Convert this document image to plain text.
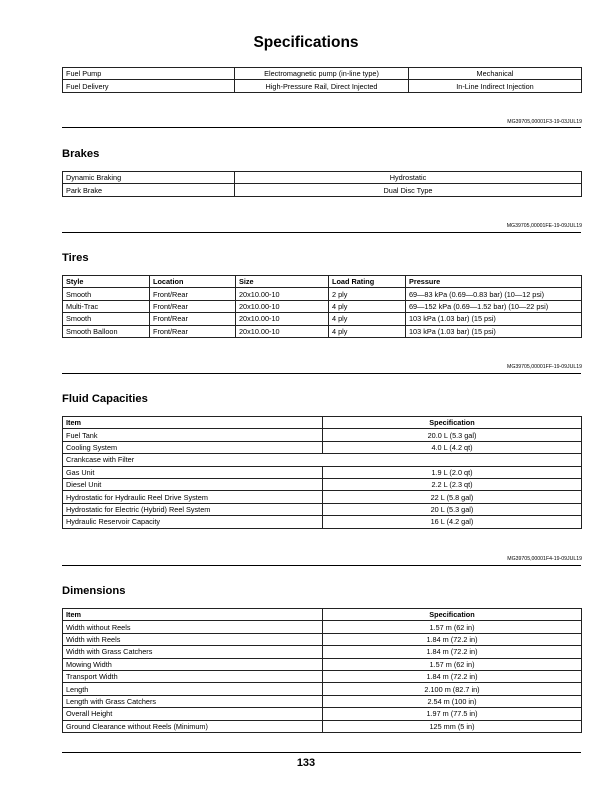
Specifications
Fuel Pump	Electromagnetic pump (in-line type)	Mechanical
Fuel Delivery	High-Pressure Rail, Direct Injected	In-Line Indirect Injection
MG39705,00001F3-19-03JUL19
Brakes
Dynamic Braking	Hydrostatic
Park Brake	Dual Disc Type
MG39705,00001FE-19-09JUL19
Tires
Style	Location	Size	Load Rating	Pressure
Smooth	Front/Rear	20x10.00-10	2 ply	69—83 kPa (0.69—0.83 bar) (10—12 psi)
Multi-Trac	Front/Rear	20x10.00-10	4 ply	69—152 kPa (0.69—1.52 bar) (10—22 psi)
Smooth	Front/Rear	20x10.00-10	4 ply	103 kPa (1.03 bar) (15 psi)
Smooth Balloon	Front/Rear	20x10.00-10	4 ply	103 kPa (1.03 bar) (15 psi)
MG39705,00001FF-19-09JUL19
Fluid Capacities
Item	Specification
Fuel Tank	20.0 L (5.3 gal)
Cooling System	4.0 L (4.2 qt)
Crankcase with Filter	
Gas Unit	1.9 L (2.0 qt)
Diesel Unit	2.2 L (2.3 qt)
Hydrostatic for Hydraulic Reel Drive System	22 L (5.8 gal)
Hydrostatic for Electric (Hybrid) Reel System	20 L (5.3 gal)
Hydraulic Reservoir Capacity	16 L (4.2 gal)
MG39705,00001F4-19-09JUL19
Dimensions
Item	Specification
Width without Reels	1.57 m (62 in)
Width with Reels	1.84 m (72.2 in)
Width with Grass Catchers	1.84 m (72.2 in)
Mowing Width	1.57 m (62 in)
Transport Width	1.84 m (72.2 in)
Length	2.100 m (82.7 in)
Length with Grass Catchers	2.54 m (100 in)
Overall Height	1.97 m (77.5 in)
Ground Clearance without Reels (Minimum)	125 mm (5 in)
133
